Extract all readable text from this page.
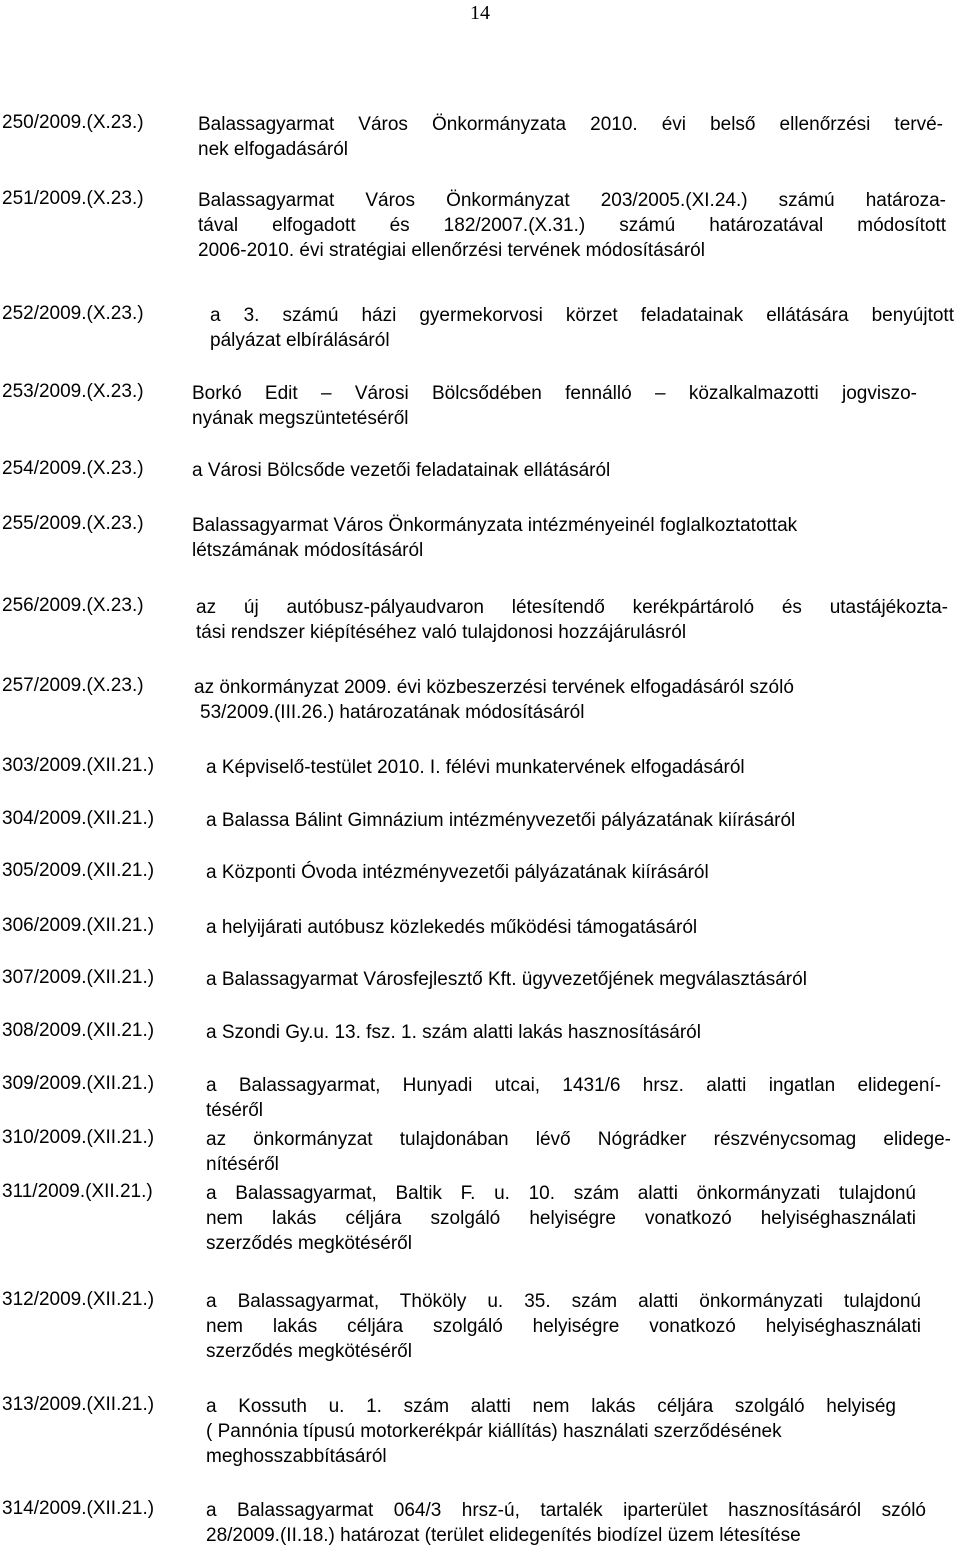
14
250/2009.(X.23.)	Balassagyarmat Város Önkormányzata 2010. évi belső ellenőrzési tervé-
nek elfogadásáról
251/2009.(X.23.)	Balassagyarmat Város Önkormányzat 203/2005.(XI.24.) számú határoza-
tával elfogadott és 182/2007.(X.31.) számú határozatával módosított
2006-2010. évi stratégiai ellenőrzési tervének módosításáról
252/2009.(X.23.)	a 3. számú házi gyermekorvosi körzet feladatainak ellátására benyújtott
pályázat elbírálásáról
253/2009.(X.23.)	Borkó Edit – Városi Bölcsődében fennálló – közalkalmazotti jogviszo-
nyának megszüntetéséről
254/2009.(X.23.)	a Városi Bölcsőde vezetői feladatainak ellátásáról
255/2009.(X.23.)	Balassagyarmat Város Önkormányzata intézményeinél foglalkoztatottak
létszámának módosításáról
256/2009.(X.23.)	az új autóbusz-pályaudvaron létesítendő kerékpártároló és utastájékozta-
tási rendszer kiépítéséhez való tulajdonosi hozzájárulásról
257/2009.(X.23.)	az önkormányzat 2009. évi közbeszerzési tervének elfogadásáról szóló
53/2009.(III.26.) határozatának módosításáról
303/2009.(XII.21.)	a Képviselő-testület 2010. I. félévi munkatervének elfogadásáról
304/2009.(XII.21.)	a Balassa Bálint Gimnázium intézményvezetői pályázatának kiírásáról
305/2009.(XII.21.)	a Központi Óvoda intézményvezetői pályázatának kiírásáról
306/2009.(XII.21.)	a helyijárati autóbusz közlekedés működési támogatásáról
307/2009.(XII.21.)	a Balassagyarmat Városfejlesztő Kft. ügyvezetőjének megválasztásáról
308/2009.(XII.21.)	a Szondi Gy.u. 13. fsz. 1. szám alatti lakás hasznosításáról
309/2009.(XII.21.)	a Balassagyarmat, Hunyadi utcai, 1431/6 hrsz. alatti ingatlan elidegení-
téséről
310/2009.(XII.21.)	az önkormányzat tulajdonában lévő Nógrádker részvénycsomag elidege-
nítéséről
311/2009.(XII.21.)	a Balassagyarmat, Baltik F. u. 10. szám alatti önkormányzati tulajdonú
nem lakás céljára szolgáló helyiségre vonatkozó helyiséghasználati
szerződés megkötéséről
312/2009.(XII.21.)	a Balassagyarmat, Thököly u. 35. szám alatti önkormányzati tulajdonú
nem lakás céljára szolgáló helyiségre vonatkozó helyiséghasználati
szerződés megkötéséről
313/2009.(XII.21.)	a Kossuth u. 1. szám alatti nem lakás céljára szolgáló helyiség
( Pannónia típusú motorkerékpár kiállítás) használati szerződésének
meghosszabbításáról
314/2009.(XII.21.)	a Balassagyarmat 064/3 hrsz-ú, tartalék iparterület hasznosításáról szóló
28/2009.(II.18.) határozat (terület elidegenítés biodízel üzem létesítése
